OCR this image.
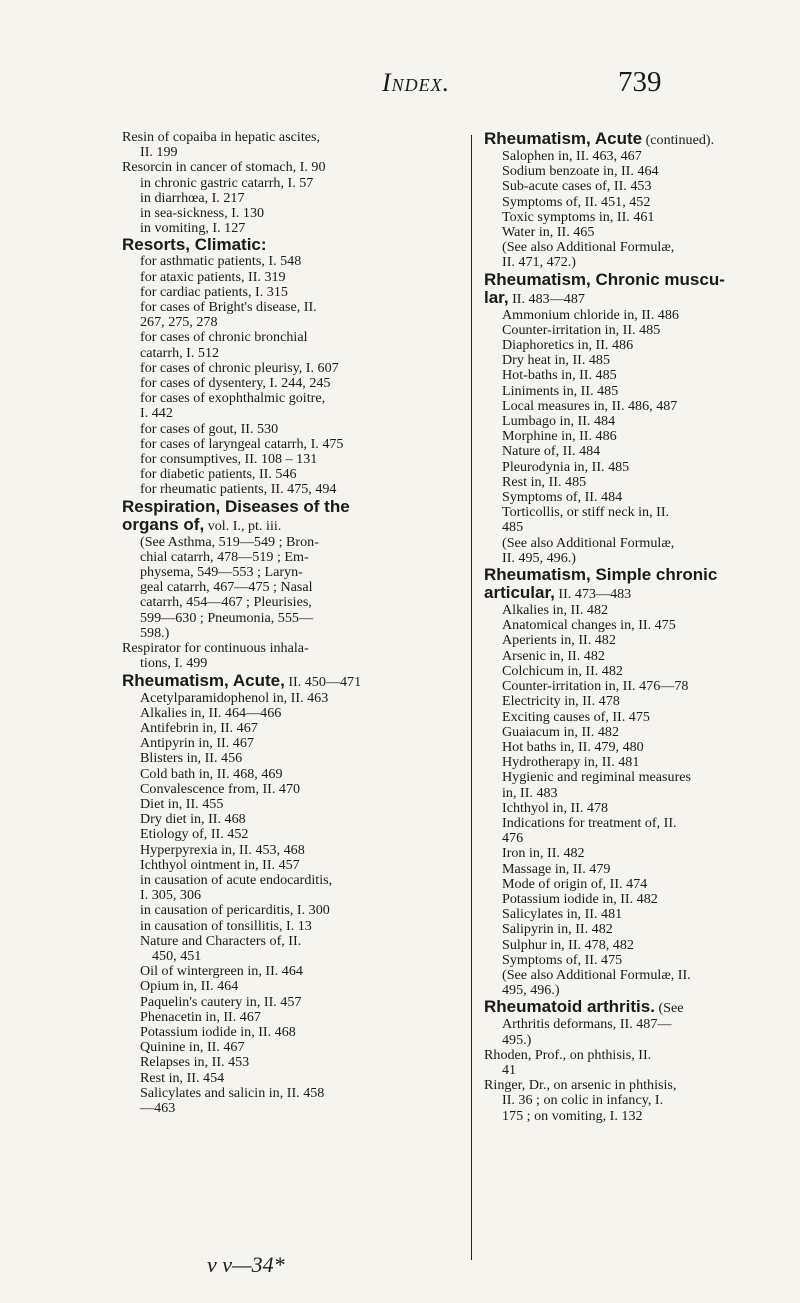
Index.	739
Resin of copaiba in hepatic ascites,
II. 199
Resorcin in cancer of stomach, I. 90
in chronic gastric catarrh, I. 57
in diarrhœa, I. 217
in sea-sickness, I. 130
in vomiting, I. 127
Resorts, Climatic:
for asthmatic patients, I. 548
for ataxic patients, II. 319
for cardiac patients, I. 315
for cases of Bright's disease, II.
267, 275, 278
for cases of chronic bronchial
catarrh, I. 512
for cases of chronic pleurisy, I. 607
for cases of dysentery, I. 244, 245
for cases of exophthalmic goitre,
I. 442
for cases of gout, II. 530
for cases of laryngeal catarrh, I. 475
for consumptives, II. 108 – 131
for diabetic patients, II. 546
for rheumatic patients, II. 475, 494
Respiration, Diseases of the
organs of, vol. I., pt. iii.
(See Asthma, 519—549 ; Bron-
chial catarrh, 478—519 ; Em-
physema, 549—553 ; Laryn-
geal catarrh, 467—475 ; Nasal
catarrh, 454—467 ; Pleurisies,
599—630 ; Pneumonia, 555—
598.)
Respirator for continuous inhala-
tions, I. 499
Rheumatism, Acute, II. 450—471
Acetylparamidophenol in, II. 463
Alkalies in, II. 464—466
Antifebrin in, II. 467
Antipyrin in, II. 467
Blisters in, II. 456
Cold bath in, II. 468, 469
Convalescence from, II. 470
Diet in, II. 455
Dry diet in, II. 468
Etiology of, II. 452
Hyperpyrexia in, II. 453, 468
Ichthyol ointment in, II. 457
in causation of acute endocarditis,
I. 305, 306
in causation of pericarditis, I. 300
in causation of tonsillitis, I. 13
Nature and Characters of, II.
450, 451
Oil of wintergreen in, II. 464
Opium in, II. 464
Paquelin's cautery in, II. 457
Phenacetin in, II. 467
Potassium iodide in, II. 468
Quinine in, II. 467
Relapses in, II. 453
Rest in, II. 454
Salicylates and salicin in, II. 458
—463
Rheumatism, Acute (continued).
Salophen in, II. 463, 467
Sodium benzoate in, II. 464
Sub-acute cases of, II. 453
Symptoms of, II. 451, 452
Toxic symptoms in, II. 461
Water in, II. 465
(See also Additional Formulæ,
II. 471, 472.)
Rheumatism, Chronic muscu-
lar, II. 483—487
Ammonium chloride in, II. 486
Counter-irritation in, II. 485
Diaphoretics in, II. 486
Dry heat in, II. 485
Hot-baths in, II. 485
Liniments in, II. 485
Local measures in, II. 486, 487
Lumbago in, II. 484
Morphine in, II. 486
Nature of, II. 484
Pleurodynia in, II. 485
Rest in, II. 485
Symptoms of, II. 484
Torticollis, or stiff neck in, II.
485
(See also Additional Formulæ,
II. 495, 496.)
Rheumatism, Simple chronic
articular, II. 473—483
Alkalies in, II. 482
Anatomical changes in, II. 475
Aperients in, II. 482
Arsenic in, II. 482
Colchicum in, II. 482
Counter-irritation in, II. 476—78
Electricity in, II. 478
Exciting causes of, II. 475
Guaiacum in, II. 482
Hot baths in, II. 479, 480
Hydrotherapy in, II. 481
Hygienic and regiminal measures
in, II. 483
Ichthyol in, II. 478
Indications for treatment of, II.
476
Iron in, II. 482
Massage in, II. 479
Mode of origin of, II. 474
Potassium iodide in, II. 482
Salicylates in, II. 481
Salipyrin in, II. 482
Sulphur in, II. 478, 482
Symptoms of, II. 475
(See also Additional Formulæ, II.
495, 496.)
Rheumatoid arthritis. (See
Arthritis deformans, II. 487—
495.)
Rhoden, Prof., on phthisis, II.
41
Ringer, Dr., on arsenic in phthisis,
II. 36 ; on colic in infancy, I.
175 ; on vomiting, I. 132
v v—34*
